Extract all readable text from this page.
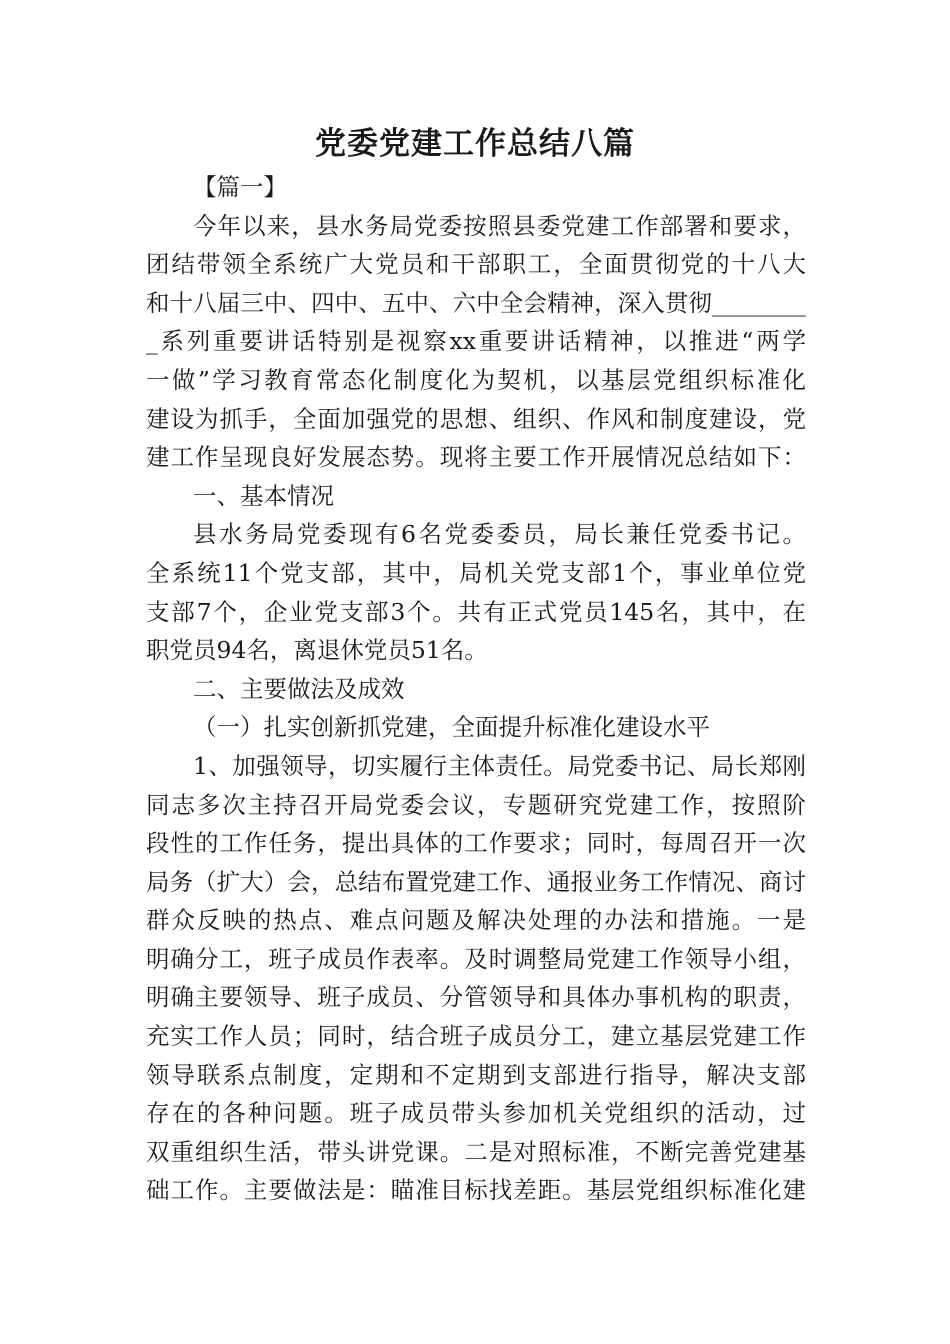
党委党建工作总结八篇
【篇一】
今年以来，县水务局党委按照县委党建工作部署和要求，
团结带领全系统广大党员和干部职工，全面贯彻党的十八大
和十八届三中、四中、五中、六中全会精神，深入贯彻________
_系列重要讲话特别是视察xx重要讲话精神，以推进“两学
一做”学习教育常态化制度化为契机，以基层党组织标准化
建设为抓手，全面加强党的思想、组织、作风和制度建设，党
建工作呈现良好发展态势。现将主要工作开展情况总结如下：
一、基本情况
县水务局党委现有6名党委委员，局长兼任党委书记。
全系统11个党支部，其中，局机关党支部1个，事业单位党
支部7个，企业党支部3个。共有正式党员145名，其中，在
职党员94名，离退休党员51名。
二、主要做法及成效
（一）扎实创新抓党建，全面提升标准化建设水平
1、加强领导，切实履行主体责任。局党委书记、局长郑刚
同志多次主持召开局党委会议，专题研究党建工作，按照阶
段性的工作任务，提出具体的工作要求；同时，每周召开一次
局务（扩大）会，总结布置党建工作、通报业务工作情况、商讨
群众反映的热点、难点问题及解决处理的办法和措施。一是
明确分工，班子成员作表率。及时调整局党建工作领导小组，
明确主要领导、班子成员、分管领导和具体办事机构的职责，
充实工作人员；同时，结合班子成员分工，建立基层党建工作
领导联系点制度，定期和不定期到支部进行指导，解决支部
存在的各种问题。班子成员带头参加机关党组织的活动，过
双重组织生活，带头讲党课。二是对照标准，不断完善党建基
础工作。主要做法是：瞄准目标找差距。基层党组织标准化建
